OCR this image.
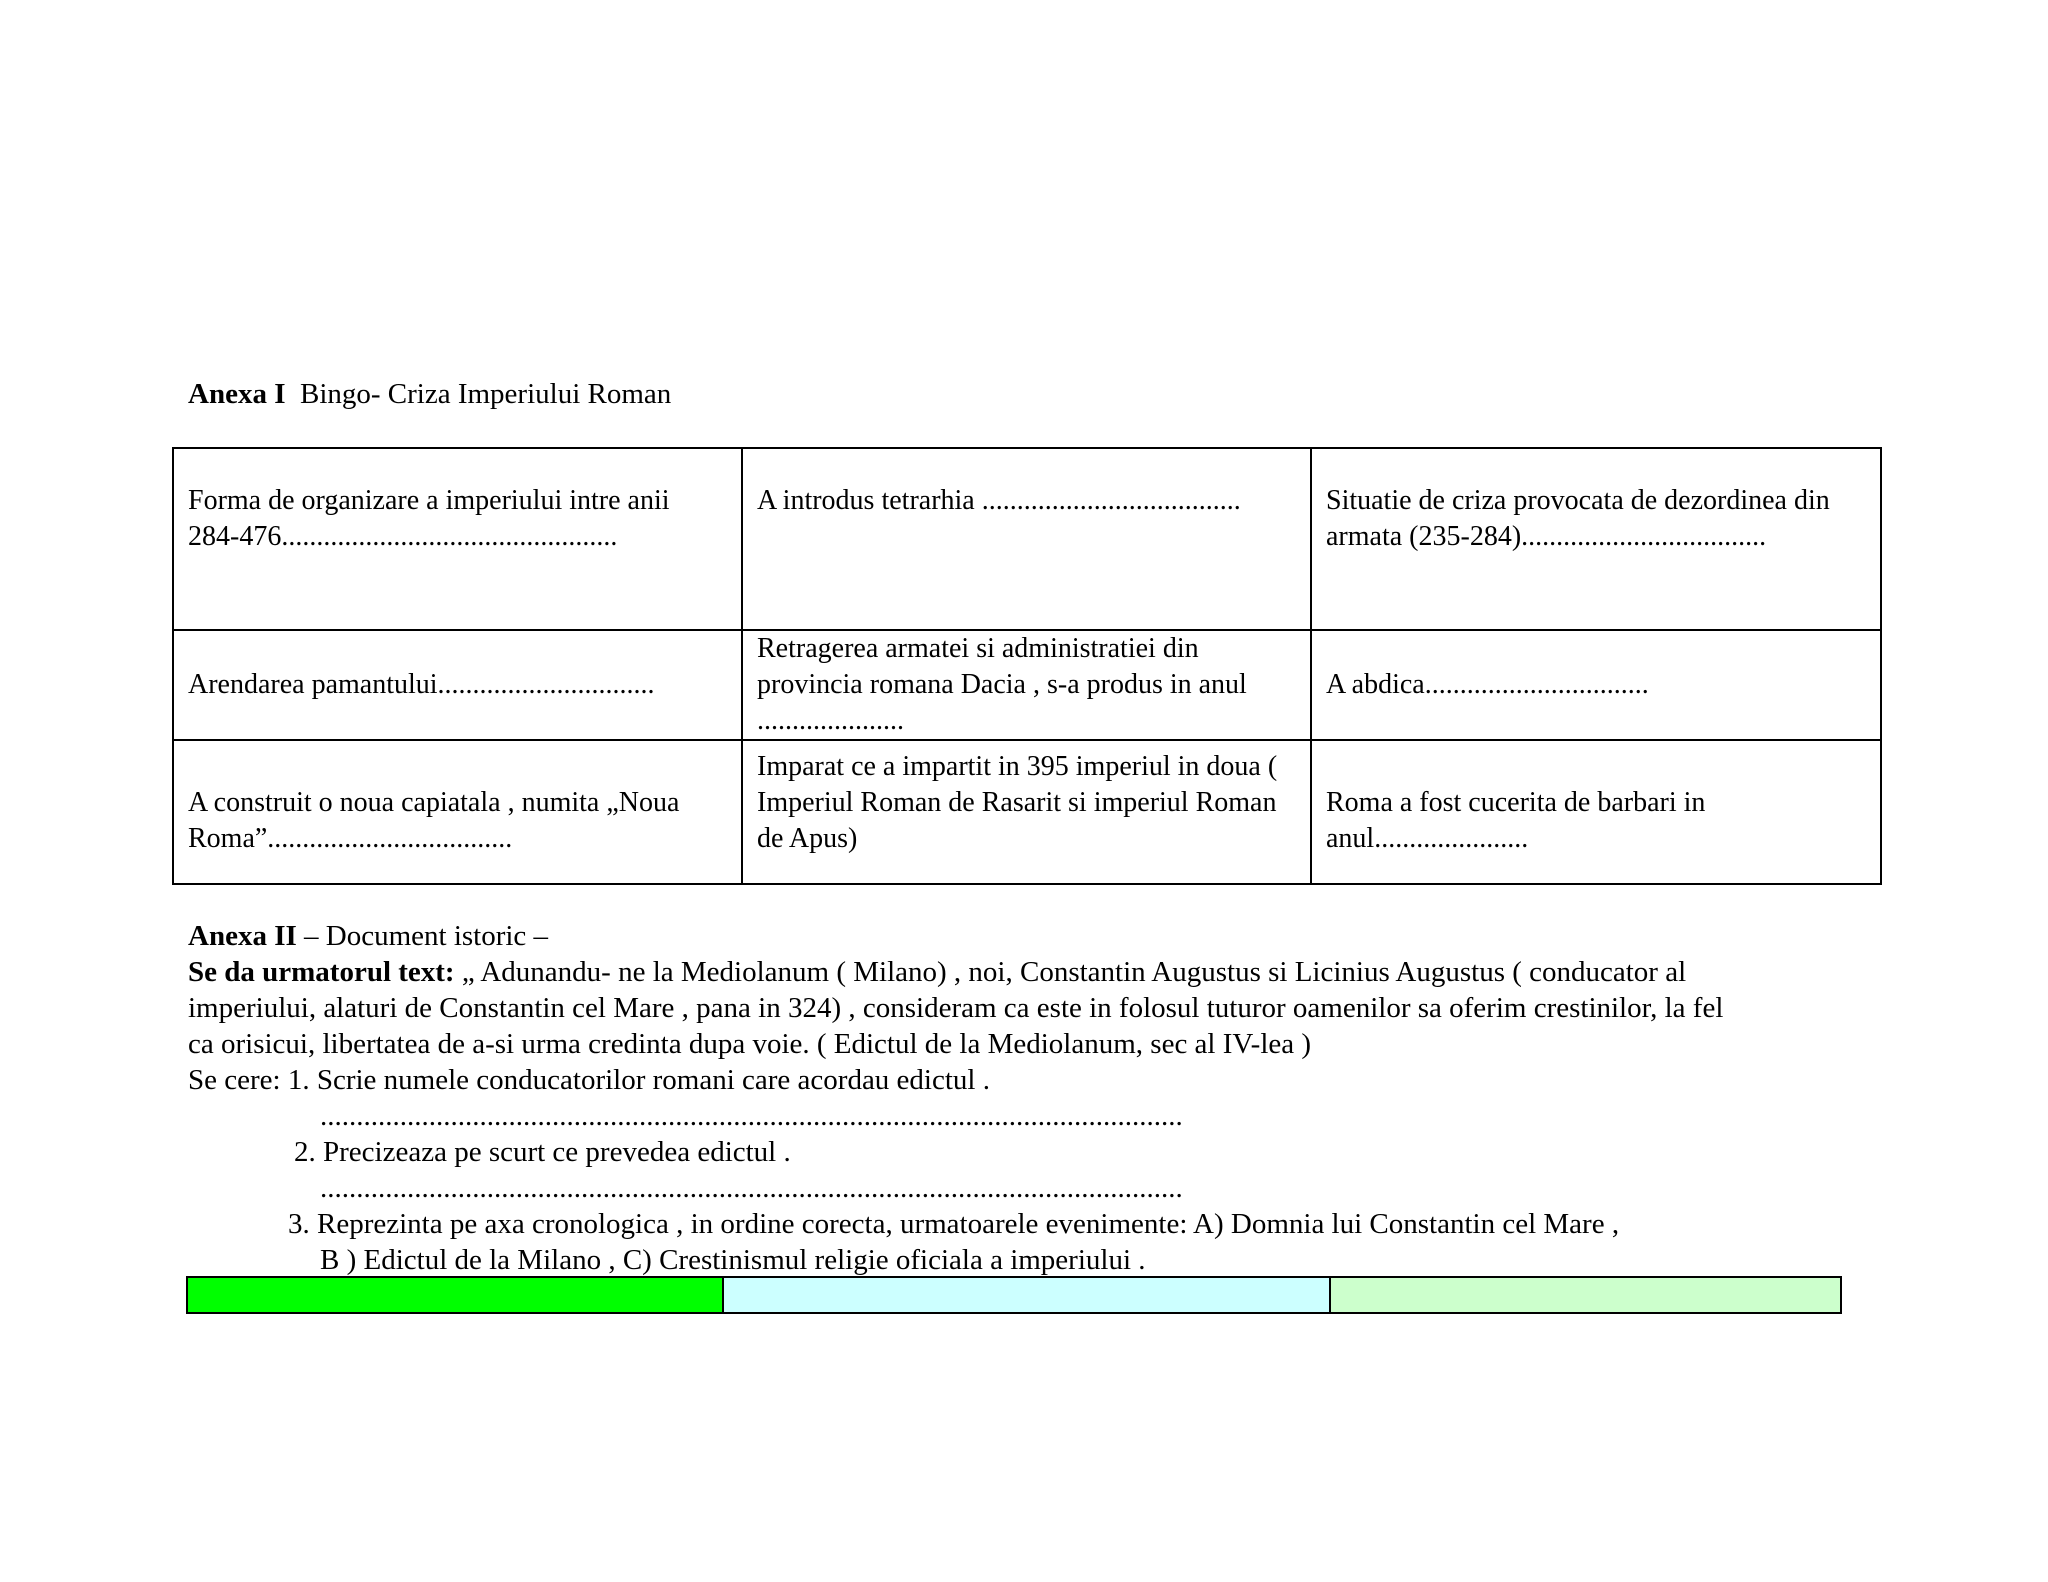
Anexa I Bingo- Criza Imperiului Roman
Forma de organizare a imperiului intre anii 284-476................................................	A introdus tetrarhia .....................................	Situatie de criza provocata de dezordinea din armata (235-284)...................................
Arendarea pamantului...............................	Retragerea armatei si administratiei din provincia romana Dacia , s-a produs in anul .....................	A abdica................................
A construit o noua capiatala , numita „Noua Roma”...................................	Imparat ce a impartit in 395 imperiul in doua ( Imperiul Roman de Rasarit si imperiul Roman de Apus)	Roma a fost cucerita de barbari in anul......................

Anexa II – Document istoric –

Se da urmatorul text: „ Adunandu- ne la Mediolanum ( Milano) , noi, Constantin Augustus si Licinius Augustus ( conducator al

imperiului, alaturi de Constantin cel Mare , pana in 324) , consideram ca este in folosul tuturor oamenilor sa oferim crestinilor, la fel

ca orisicui, libertatea de a-si urma credinta dupa voie. ( Edictul de la Mediolanum, sec al IV-lea )

Se cere: 1. Scrie numele conducatorilor romani care acordau edictul .

.......................................................................................................................

2. Precizeaza pe scurt ce prevedea edictul .

.......................................................................................................................

3. Reprezinta pe axa cronologica , in ordine corecta, urmatoarele evenimente: A) Domnia lui Constantin cel Mare ,

B ) Edictul de la Milano , C) Crestinismul religie oficiala a imperiului .
